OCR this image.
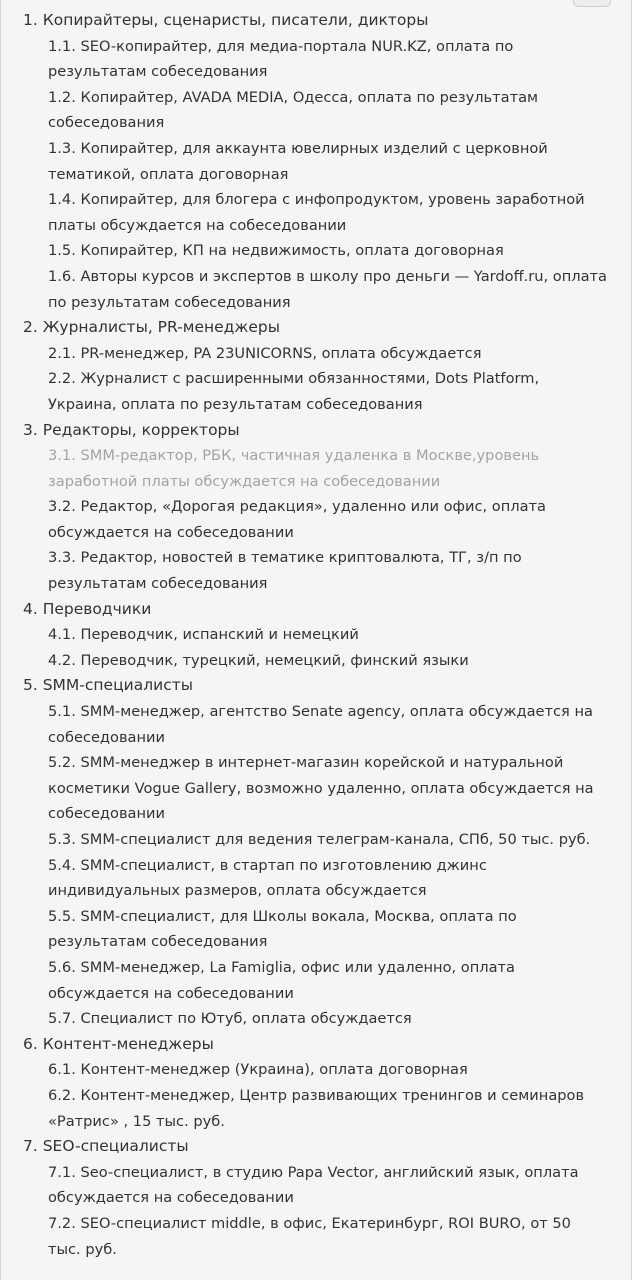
1. Копирайтеры, сценаристы, писатели, дикторы
1.1. SEO-копирайтер, для медиа-портала NUR.KZ, оплата по результатам собеседования
1.2. Копирайтер, AVADA MEDIA, Одесса, оплата по результатам собеседования
1.3. Копирайтер, для аккаунта ювелирных изделий с церковной тематикой, оплата договорная
1.4. Копирайтер, для блогера с инфопродуктом, уровень заработной платы обсуждается на собеседовании
1.5. Копирайтер, КП на недвижимость, оплата договорная
1.6. Авторы курсов и экспертов в школу про деньги — Yardoff.ru, оплата по результатам собеседования
2. Журналисты, PR-менеджеры
2.1. PR-менеджер, PA 23UNICORNS, оплата обсуждается
2.2. Журналист с расширенными обязанностями, Dots Platform, Украина, оплата по результатам собеседования
3. Редакторы, корректоры
3.1. SMM-редактор, РБК, частичная удаленка в Москве,уровень заработной платы обсуждается на собеседовании
3.2. Редактор, «Дорогая редакция», удаленно или офис, оплата обсуждается на собеседовании
3.3. Редактор, новостей в тематике криптовалюта, ТГ, з/п по результатам собеседования
4. Переводчики
4.1. Переводчик, испанский и немецкий
4.2. Переводчик, турецкий, немецкий, финский языки
5. SMM-специалисты
5.1. SMM-менеджер, агентство Senate agency, оплата обсуждается на собеседовании
5.2. SMM-менеджер в интернет-магазин корейской и натуральной косметики Vogue Gallery, возможно удаленно, оплата обсуждается на собеседовании
5.3. SMM-специалист для ведения телеграм-канала, СПб, 50 тыс. руб.
5.4. SMM-специалист, в стартап по изготовлению джинс индивидуальных размеров, оплата обсуждается
5.5. SMM-специалист, для Школы вокала, Москва, оплата по результатам собеседования
5.6. SMM-менеджер, La Famiglia, офис или удаленно, оплата обсуждается на собеседовании
5.7. Специалист по Ютуб, оплата обсуждается
6. Контент-менеджеры
6.1. Контент-менеджер (Украина), оплата договорная
6.2. Контент-менеджер, Центр развивающих тренингов и семинаров «Ратрис» , 15 тыс. руб.
7. SEO-специалисты
7.1. Seo-специалист, в студию Papa Vector, английский язык, оплата обсуждается на собеседовании
7.2. SEO-специалист middle, в офис, Екатеринбург, ROI BURO, от 50 тыс. руб.
